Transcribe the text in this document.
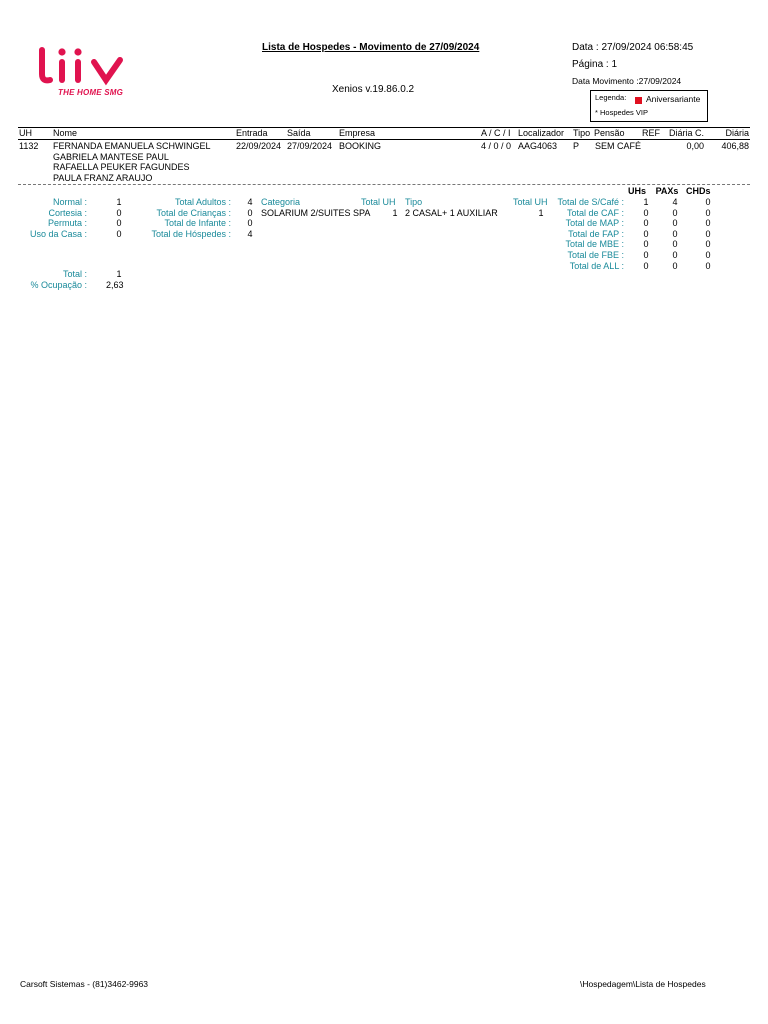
THE HOME SMG
Lista de Hospedes - Movimento de 27/09/2024
Xenios v.19.86.0.2
Data : 27/09/2024 06:58:45
Página : 1
Data Movimento :27/09/2024
Legenda: Aniversariante
* Hospedes VIP
UH Nome	Entrada Saída	Empresa	A / C / I Localizador Tipo Pensão REF Diária C.	Diária
1132 FERNANDA EMANUELA SCHWINGEL
GABRIELA MANTESE PAUL
RAFAELLA PEUKER FAGUNDES
PAULA FRANZ ARAUJO
22/09/2024 27/09/2024 BOOKING	4 / 0 / 0 AAG4063 P SEM CAFÉ	0,00	406,88
UHs PAXs CHDs
Normal :	1
Cortesia :	0
Permuta :	0
Uso da Casa :	0
Total Adultos :	4
Total de Crianças :	0
Total de Infante :	0
Total de Hóspedes :	4
Categoria	Total UH
SOLARIUM 2/SUITES SPA 1
Tipo	Total UH
2 CASAL+ 1 AUXILIAR	1
Total de S/Café :	1	4	0
Total de CAF :	0	0	0
Total de MAP :	0	0	0
Total de FAP :	0	0	0
Total de MBE :	0	0	0
Total de FBE :	0	0	0
Total de ALL :	0	0	0
Total :	1
% Ocupação : 2,63
Carsoft Sistemas - (81)3462-9963	\Hospedagem\Lista de Hospedes
